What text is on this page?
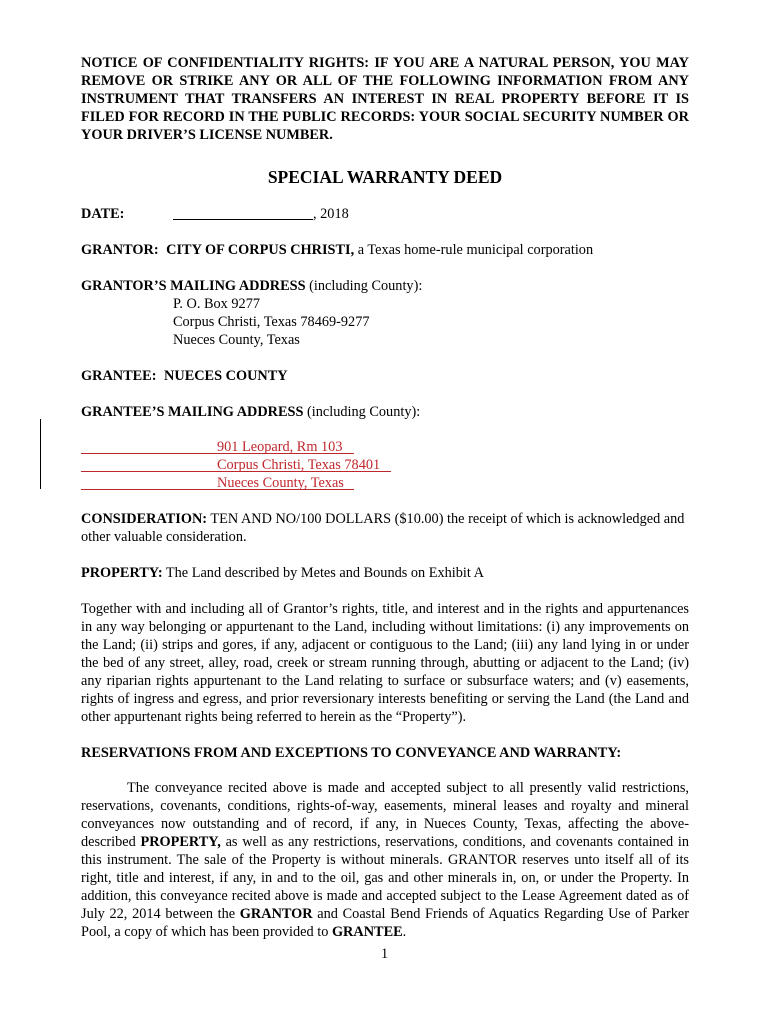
NOTICE OF CONFIDENTIALITY RIGHTS: IF YOU ARE A NATURAL PERSON, YOU MAY REMOVE OR STRIKE ANY OR ALL OF THE FOLLOWING INFORMATION FROM ANY INSTRUMENT THAT TRANSFERS AN INTEREST IN REAL PROPERTY BEFORE IT IS FILED FOR RECORD IN THE PUBLIC RECORDS: YOUR SOCIAL SECURITY NUMBER OR YOUR DRIVER’S LICENSE NUMBER.
SPECIAL WARRANTY DEED
DATE:	, 2018
GRANTOR: CITY OF CORPUS CHRISTI, a Texas home-rule municipal corporation
GRANTOR’S MAILING ADDRESS (including County):
P. O. Box 9277
Corpus Christi, Texas 78469-9277
Nueces County, Texas
GRANTEE: NUECES COUNTY
GRANTEE’S MAILING ADDRESS (including County):
901 Leopard, Rm 103
Corpus Christi, Texas 78401
Nueces County, Texas
CONSIDERATION: TEN AND NO/100 DOLLARS ($10.00) the receipt of which is acknowledged and other valuable consideration.
PROPERTY: The Land described by Metes and Bounds on Exhibit A
Together with and including all of Grantor’s rights, title, and interest and in the rights and appurtenances in any way belonging or appurtenant to the Land, including without limitations: (i) any improvements on the Land; (ii) strips and gores, if any, adjacent or contiguous to the Land; (iii) any land lying in or under the bed of any street, alley, road, creek or stream running through, abutting or adjacent to the Land; (iv) any riparian rights appurtenant to the Land relating to surface or subsurface waters; and (v) easements, rights of ingress and egress, and prior reversionary interests benefiting or serving the Land (the Land and other appurtenant rights being referred to herein as the “Property”).
RESERVATIONS FROM AND EXCEPTIONS TO CONVEYANCE AND WARRANTY:
The conveyance recited above is made and accepted subject to all presently valid restrictions, reservations, covenants, conditions, rights-of-way, easements, mineral leases and royalty and mineral conveyances now outstanding and of record, if any, in Nueces County, Texas, affecting the above-described PROPERTY, as well as any restrictions, reservations, conditions, and covenants contained in this instrument. The sale of the Property is without minerals. GRANTOR reserves unto itself all of its right, title and interest, if any, in and to the oil, gas and other minerals in, on, or under the Property. In addition, this conveyance recited above is made and accepted subject to the Lease Agreement dated as of July 22, 2014 between the GRANTOR and Coastal Bend Friends of Aquatics Regarding Use of Parker Pool, a copy of which has been provided to GRANTEE.
1
